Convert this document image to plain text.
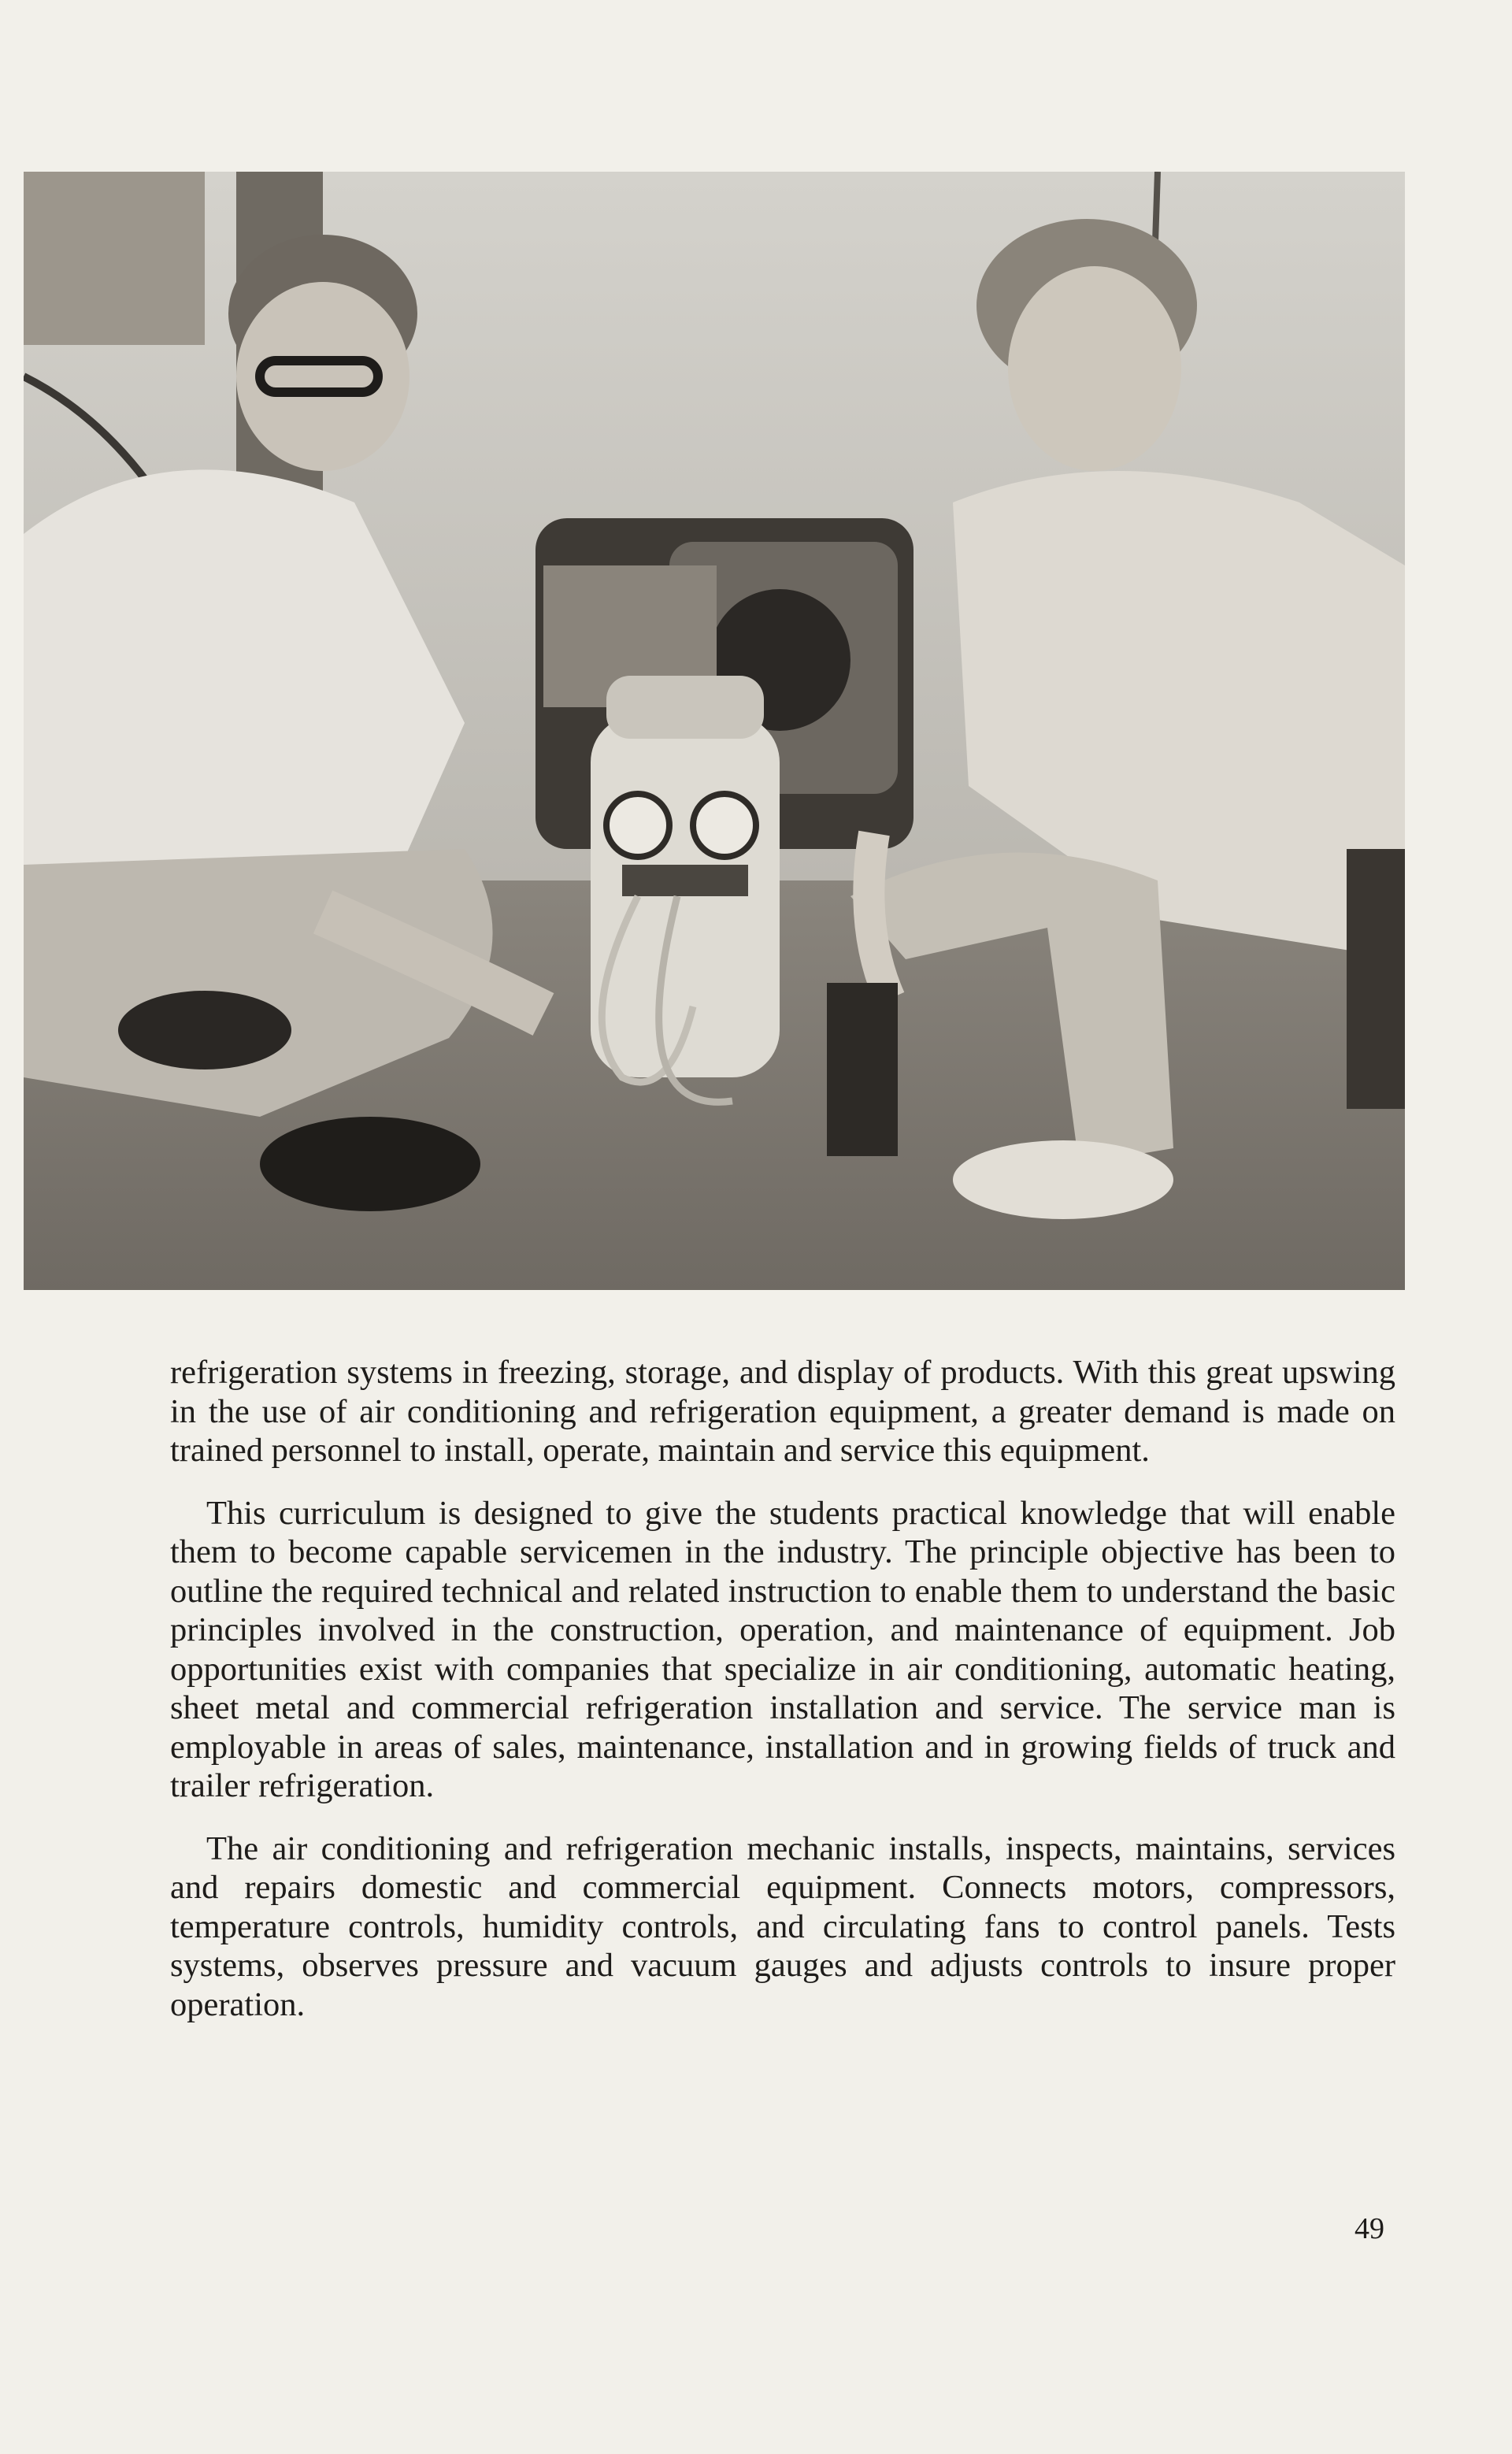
refrigeration systems in freezing, storage, and display of products. With this great upswing in the use of air conditioning and refrigeration equipment, a greater demand is made on trained personnel to install, operate, maintain and service this equipment.

This curriculum is designed to give the students practical knowledge that will enable them to become capable servicemen in the industry. The principle objective has been to outline the required technical and related instruction to enable them to understand the basic principles involved in the construction, operation, and maintenance of equipment. Job opportunities exist with companies that specialize in air conditioning, automatic heating, sheet metal and commercial refrigeration installation and service. The service man is employable in areas of sales, maintenance, installation and in growing fields of truck and trailer refrigeration.

The air conditioning and refrigeration mechanic installs, inspects, maintains, services and repairs domestic and commercial equipment. Connects motors, compressors, temperature controls, humidity controls, and circulating fans to control panels. Tests systems, observes pressure and vacuum gauges and adjusts controls to insure proper operation.

49
